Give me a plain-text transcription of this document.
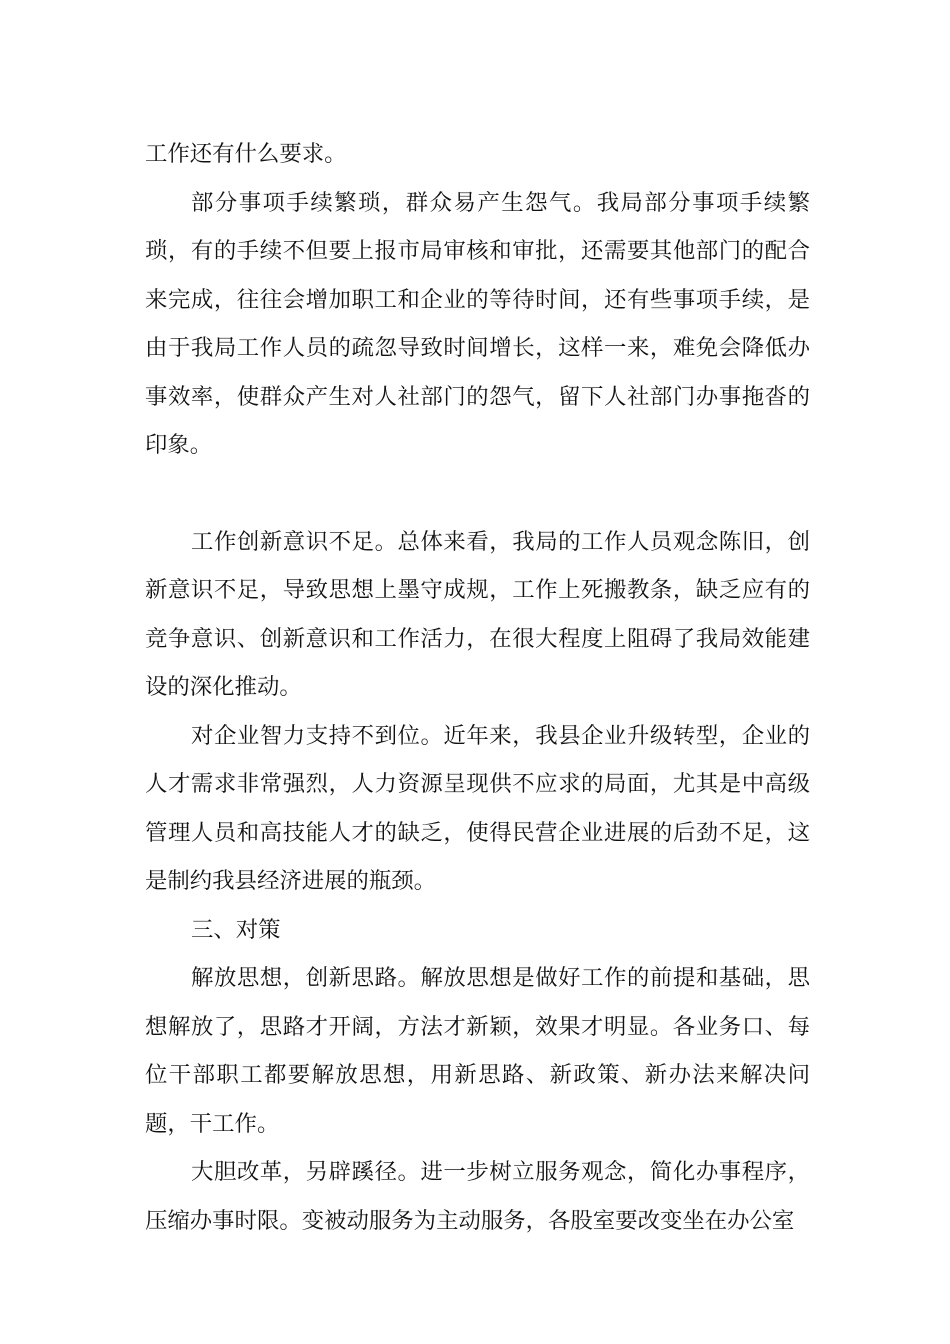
工作还有什么要求。

部分事项手续繁琐，群众易产生怨气。我局部分事项手续繁琐，有的手续不但要上报市局审核和审批，还需要其他部门的配合来完成，往往会增加职工和企业的等待时间，还有些事项手续，是由于我局工作人员的疏忽导致时间增长，这样一来，难免会降低办事效率，使群众产生对人社部门的怨气，留下人社部门办事拖沓的印象。

工作创新意识不足。总体来看，我局的工作人员观念陈旧，创新意识不足，导致思想上墨守成规，工作上死搬教条，缺乏应有的竞争意识、创新意识和工作活力，在很大程度上阻碍了我局效能建设的深化推动。

对企业智力支持不到位。近年来，我县企业升级转型，企业的人才需求非常强烈，人力资源呈现供不应求的局面，尤其是中高级管理人员和高技能人才的缺乏，使得民营企业进展的后劲不足，这是制约我县经济进展的瓶颈。

三、对策

解放思想，创新思路。解放思想是做好工作的前提和基础，思想解放了，思路才开阔，方法才新颖，效果才明显。各业务口、每位干部职工都要解放思想，用新思路、新政策、新办法来解决问题，干工作。

大胆改革，另辟蹊径。进一步树立服务观念，简化办事程序，压缩办事时限。变被动服务为主动服务，各股室要改变坐在办公室
